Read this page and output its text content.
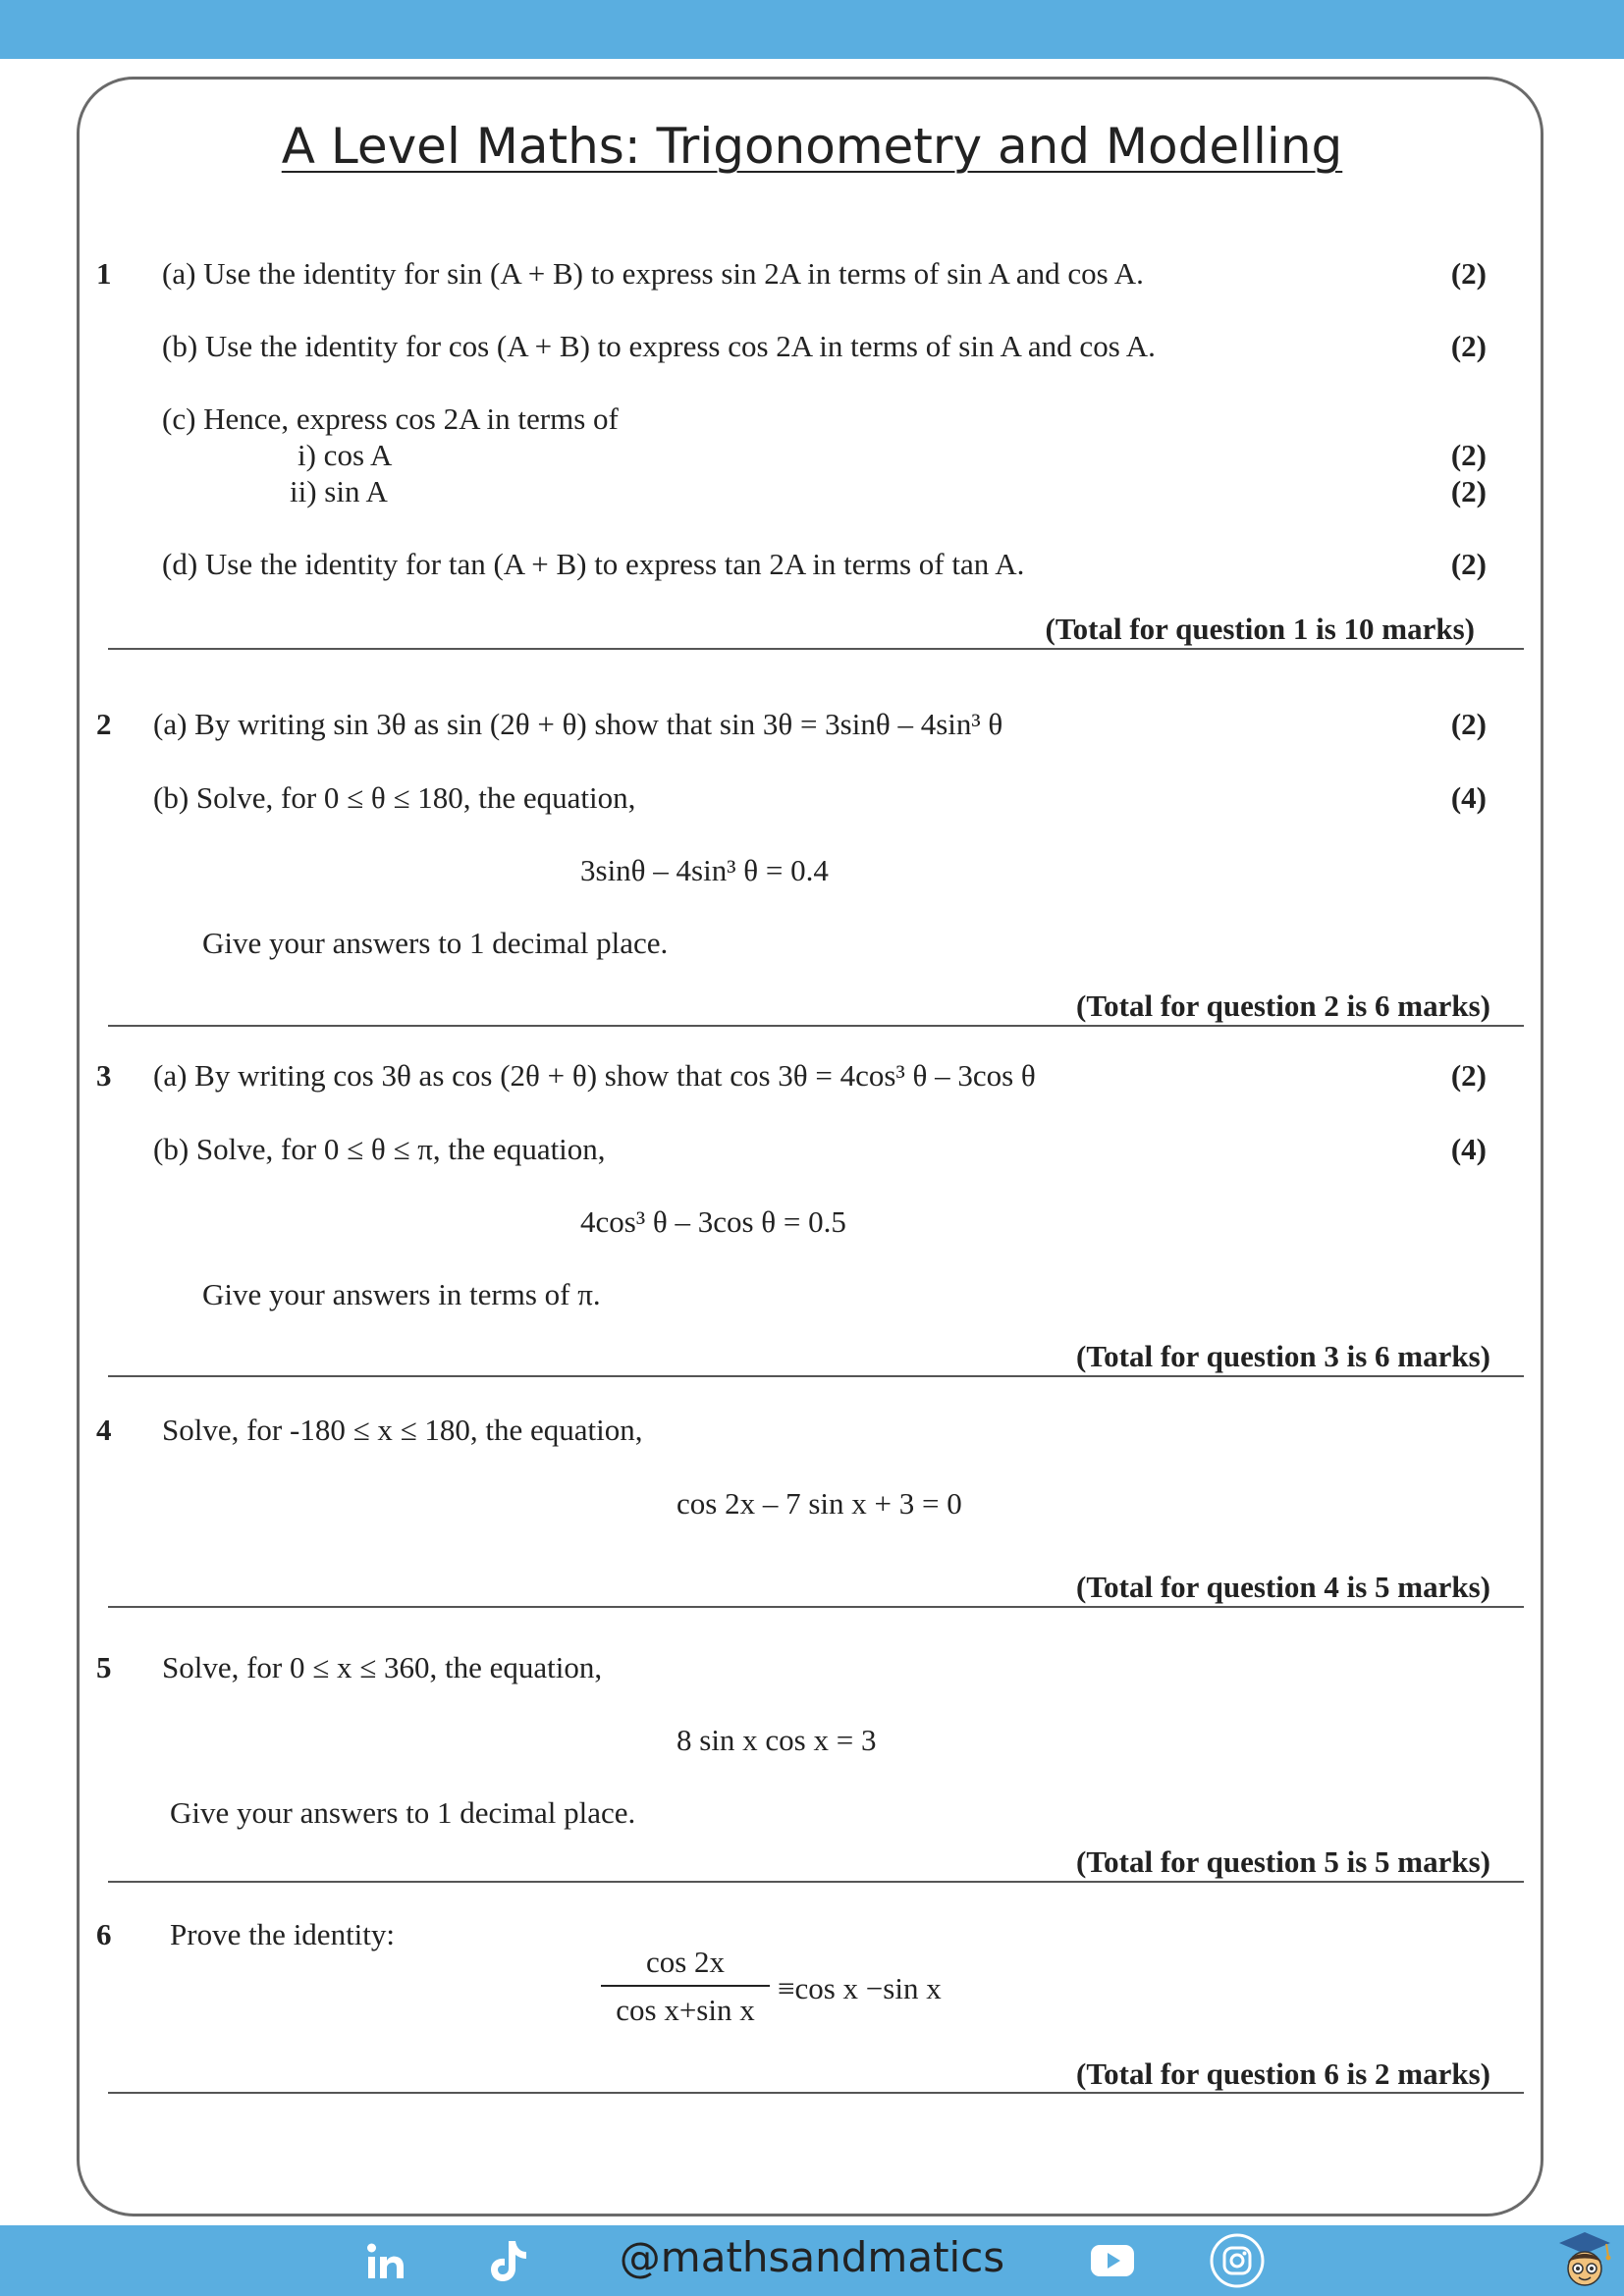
A Level Maths: Trigonometry and Modelling
1 (a) Use the identity for sin (A + B) to express sin 2A in terms of sin A and cos A.	(2)
(b) Use the identity for cos (A + B) to express cos 2A in terms of sin A and cos A.	(2)
(c) Hence, express cos 2A in terms of
i) cos A	(2)
ii) sin A	(2)
(d) Use the identity for tan (A + B) to express tan 2A in terms of tan A.	(2)
(Total for question 1 is 10 marks)
2 (a) By writing sin 3θ as sin (2θ + θ) show that sin 3θ = 3sinθ – 4sin³ θ	(2)
(b) Solve, for 0 ≤ θ ≤ 180, the equation,	(4)
3sinθ – 4sin³ θ = 0.4
Give your answers to 1 decimal place.
(Total for question 2 is 6 marks)
3 (a) By writing cos 3θ as cos (2θ + θ) show that cos 3θ = 4cos³ θ – 3cos θ	(2)
(b) Solve, for 0 ≤ θ ≤ π, the equation,	(4)
4cos³ θ – 3cos θ = 0.5
Give your answers in terms of π.
(Total for question 3 is 6 marks)
4 Solve, for -180 ≤ x ≤ 180, the equation,
cos 2x – 7 sin x + 3 = 0
(Total for question 4 is 5 marks)
5 Solve, for 0 ≤ x ≤ 360, the equation,
8 sin x cos x = 3
Give your answers to 1 decimal place.
(Total for question 5 is 5 marks)
6 Prove the identity:
$\frac{\cos 2x}{\text{cos x+sin x}} \equiv\cos$ x −sin x
(Total for question 6 is 2 marks)
@mathsandmatics
